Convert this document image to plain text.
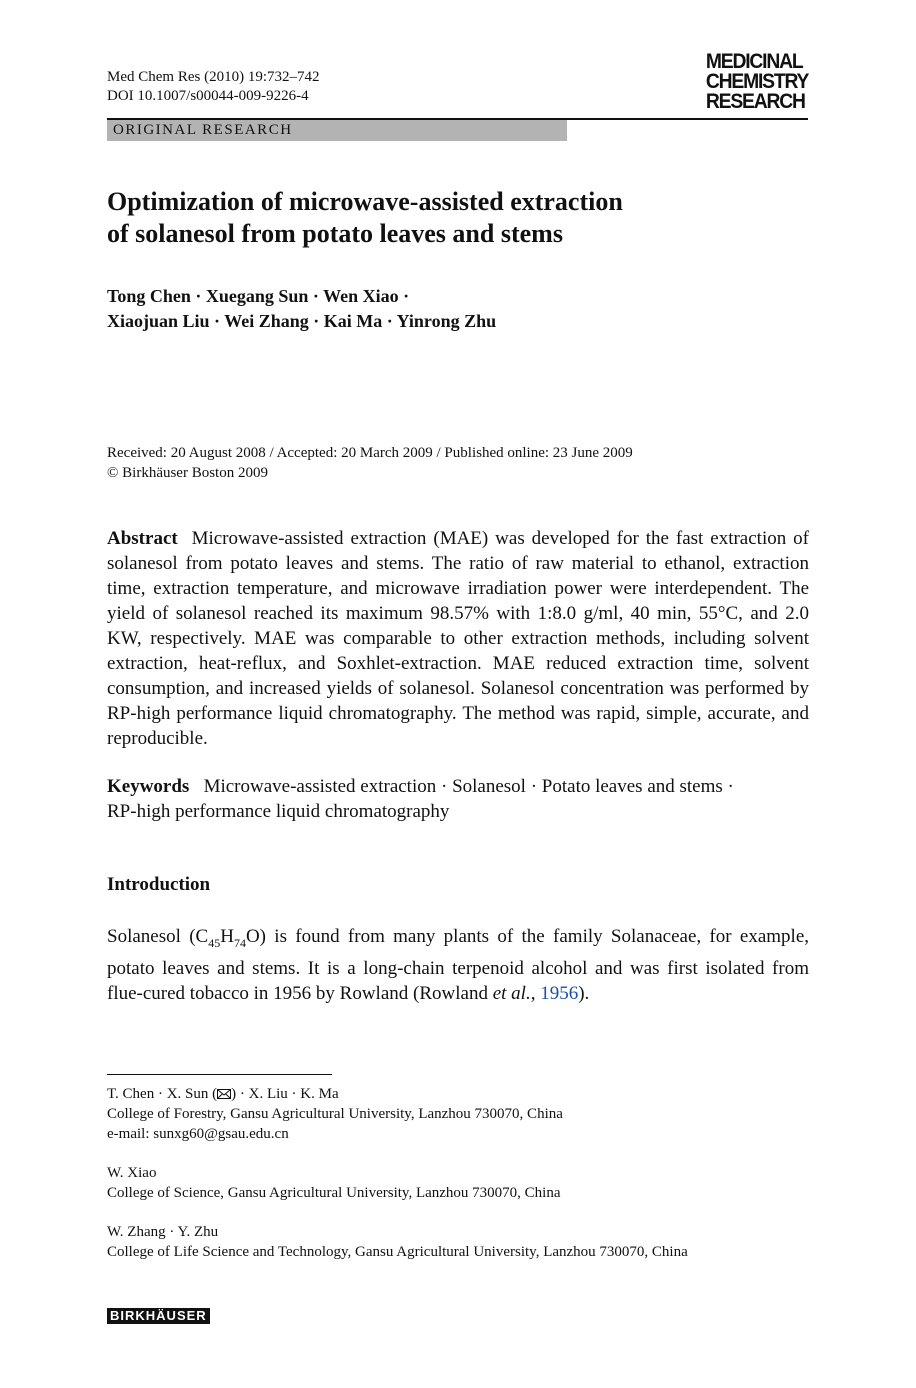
Med Chem Res (2010) 19:732–742
DOI 10.1007/s00044-009-9226-4
MEDICINAL
CHEMISTRY
RESEARCH
ORIGINAL RESEARCH
Optimization of microwave-assisted extraction
of solanesol from potato leaves and stems
Tong Chen · Xuegang Sun · Wen Xiao ·
Xiaojuan Liu · Wei Zhang · Kai Ma · Yinrong Zhu
Received: 20 August 2008 / Accepted: 20 March 2009 / Published online: 23 June 2009
© Birkhäuser Boston 2009
Abstract Microwave-assisted extraction (MAE) was developed for the fast extraction of solanesol from potato leaves and stems. The ratio of raw material to ethanol, extraction time, extraction temperature, and microwave irradiation power were interdependent. The yield of solanesol reached its maximum 98.57% with 1:8.0 g/ml, 40 min, 55°C, and 2.0 KW, respectively. MAE was comparable to other extraction methods, including solvent extraction, heat-reflux, and Soxhlet-extraction. MAE reduced extraction time, solvent consumption, and increased yields of solanesol. Solanesol concentration was performed by RP-high performance liquid chromatography. The method was rapid, simple, accurate, and reproducible.
Keywords Microwave-assisted extraction · Solanesol · Potato leaves and stems ·
RP-high performance liquid chromatography
Introduction
Solanesol $(C_{45}H_{74}O)$ is found from many plants of the family Solanaceae, for example, potato leaves and stems. It is a long-chain terpenoid alcohol and was first isolated from flue-cured tobacco in 1956 by Rowland (Rowland et al., 1956).
T. Chen · X. Sun ( ) · X. Liu · K. Ma
College of Forestry, Gansu Agricultural University, Lanzhou 730070, China
e-mail: sunxg60@gsau.edu.cn
W. Xiao
College of Science, Gansu Agricultural University, Lanzhou 730070, China
W. Zhang · Y. Zhu
College of Life Science and Technology, Gansu Agricultural University, Lanzhou 730070, China
BIRKHÄUSER
